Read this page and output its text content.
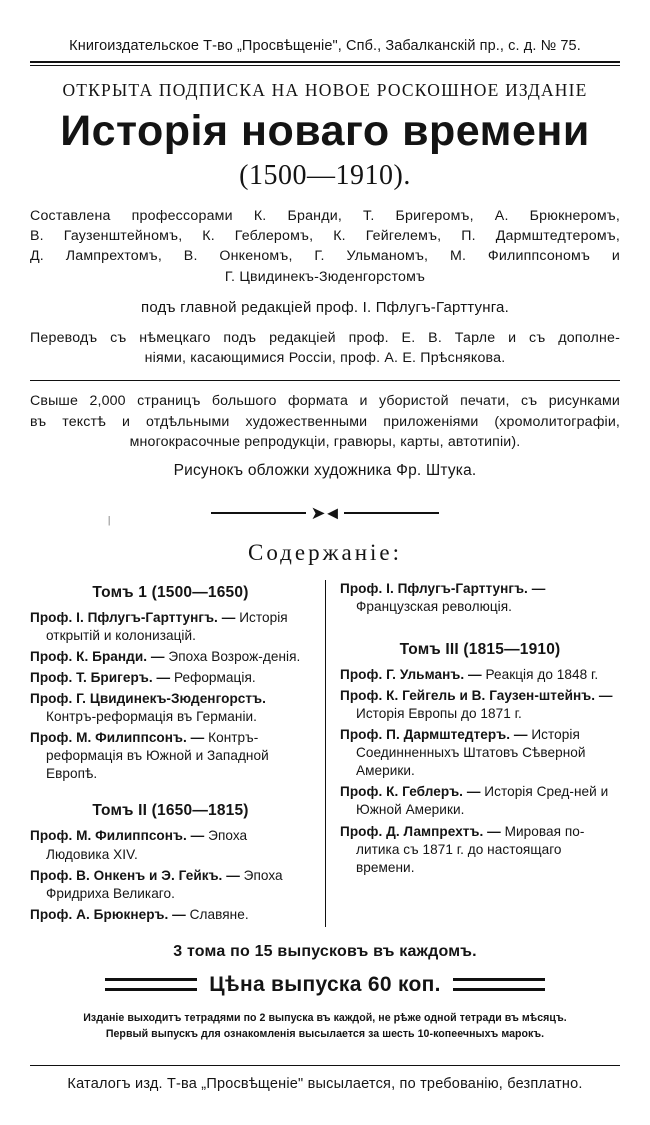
Книгоиздательское Т-во „Просвѣщеніе", Спб., Забалканскій пр., с. д. № 75.
ОТКРЫТА ПОДПИСКА НА НОВОЕ РОСКОШНОЕ ИЗДАНІЕ
Исторія новаго времени
(1500—1910).
Составлена профессорами К. Бранди, Т. Бригеромъ, А. Брюкнеромъ,
В. Гаузенштейномъ, К. Геблеромъ, К. Гейгелемъ, П. Дармштедтеромъ,
Д. Лампрехтомъ, В. Онкеномъ, Г. Ульманомъ, М. Филиппсономъ и
Г. Цвидинекъ-Зюденгорстомъ
подъ главной редакціей проф. I. Пфлугъ-Гарттунга.
Переводъ съ нѣмецкаго подъ редакціей проф. Е. В. Тарле и съ дополне-
ніями, касающимися Россіи, проф. А. Е. Прѣснякова.
Свыше 2,000 страницъ большого формата и убористой печати, съ рисунками
въ текстѣ и отдѣльными художественными приложеніями (хромолитографіи,
многокрасочные репродукціи, гравюры, карты, автотипіи).
Рисунокъ обложки художника Фр. Штука.
|	➤◄
Содержаніе:
Томъ 1 (1500—1650)
Проф. I. Пфлугъ-Гарттунгъ. — Исторія открытій и колонизацій.
Проф. К. Бранди. — Эпоха Возрож-денія.
Проф. Т. Бригеръ. — Реформація.
Проф. Г. Цвидинекъ-Зюденгорстъ. Контръ-реформація въ Германіи.
Проф. М. Филиппсонъ. — Контръ-реформація въ Южной и Западной Европѣ.
Томъ II (1650—1815)
Проф. М. Филиппсонъ. — Эпоха Людовика XIV.
Проф. В. Онкенъ и Э. Гейкъ. — Эпоха Фридриха Великаго.
Проф. А. Брюкнеръ. — Славяне.
Проф. I. Пфлугъ-Гарттунгъ. — Французская революція.
Томъ III (1815—1910)
Проф. Г. Ульманъ. — Реакція до 1848 г.
Проф. К. Гейгель и В. Гаузен-штейнъ. — Исторія Европы до 1871 г.
Проф. П. Дармштедтеръ. — Исторія Соединненныхъ Штатовъ Сѣверной Америки.
Проф. К. Геблеръ. — Исторія Сред-ней и Южной Америки.
Проф. Д. Лампрехтъ. — Мировая по-литика съ 1871 г. до настоящаго времени.
3 тома по 15 выпусковъ въ каждомъ.
Цѣна выпуска 60 коп.
Изданіе выходитъ тетрадями по 2 выпуска въ каждой, не рѣже одной тетради въ мѣсяцъ.
Первый выпускъ для ознакомленія высылается за шесть 10-копеечныхъ марокъ.
Каталогъ изд. Т-ва „Просвѣщеніе" высылается, по требованію, безплатно.
